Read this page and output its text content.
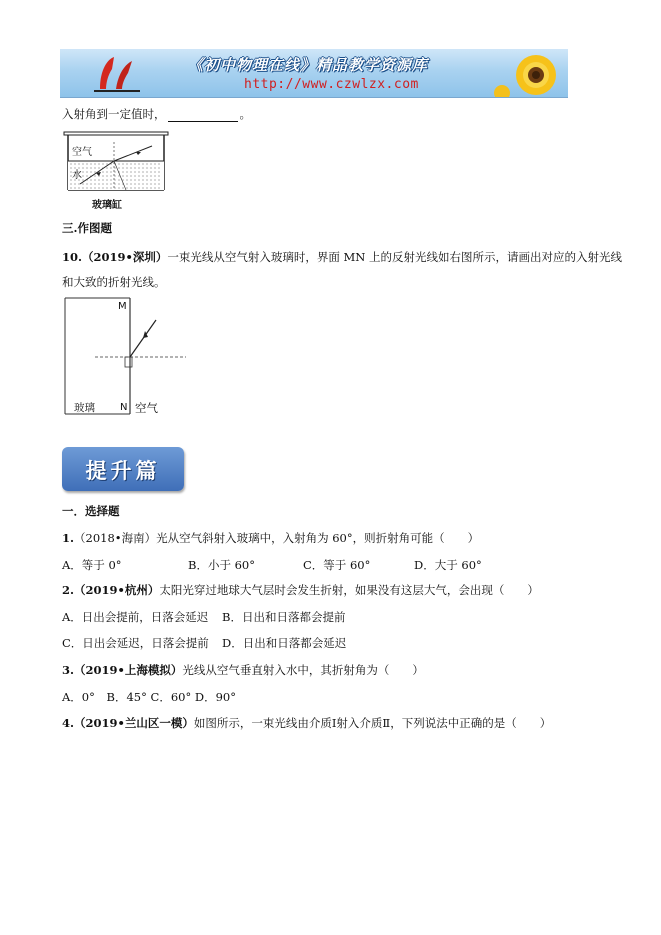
《初中物理在线》精品教学资源库
http://www.czwlzx.com
入射角到一定值时，	。
空气
水
玻璃缸
三.作图题
10.（2019•深圳）一束光线从空气射入玻璃时，界面 MN 上的反射光线如右图所示，请画出对应的入射光线
和大致的折射光线。
M
N
玻璃	空气
提升篇
一．选择题
1.（2018•海南）光从空气斜射入玻璃中，入射角为 60°，则折射角可能（　　）
A．等于 0°	B．小于 60°	C．等于 60°	D．大于 60°
2.（2019•杭州）太阳光穿过地球大气层时会发生折射，如果没有这层大气，会出现（　　）
A．日出会提前，日落会延迟 B．日出和日落都会提前
C．日出会延迟，日落会提前 D．日出和日落都会延迟
3.（2019•上海模拟）光线从空气垂直射入水中，其折射角为（　　）
A．0° B．45° C．60° D．90°
4.（2019•兰山区一模）如图所示，一束光线由介质Ⅰ射入介质Ⅱ，下列说法中正确的是（　　）
